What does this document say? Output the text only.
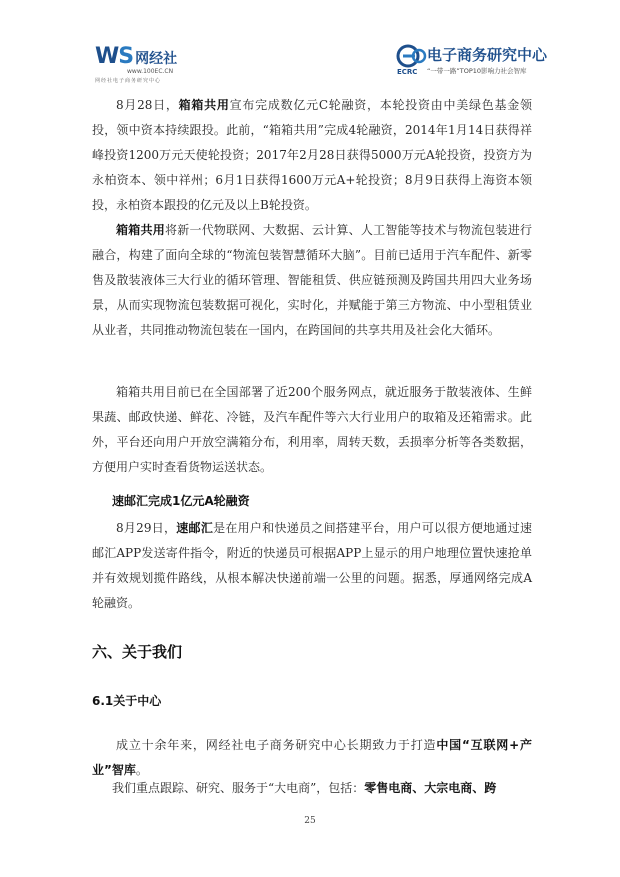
WS 网经社
www.100EC.CN
网经社电子商务研究中心
电子商务研究中心
ECRC “一带一路”TOP10影响力社会智库

8月28日，箱箱共用宣布完成数亿元C轮融资，本轮投资由中美绿色基金领投，领中资本持续跟投。此前，“箱箱共用”完成4轮融资，2014年1月14日获得祥峰投资1200万元天使轮投资；2017年2月28日获得5000万元A轮投资，投资方为永柏资本、领中祥州；6月1日获得1600万元A+轮投资；8月9日获得上海资本领投，永柏资本跟投的亿元及以上B轮投资。

箱箱共用将新一代物联网、大数据、云计算、人工智能等技术与物流包装进行融合，构建了面向全球的“物流包装智慧循环大脑”。目前已适用于汽车配件、新零售及散装液体三大行业的循环管理、智能租赁、供应链预测及跨国共用四大业务场景，从而实现物流包装数据可视化，实时化，并赋能于第三方物流、中小型租赁业从业者，共同推动物流包装在一国内，在跨国间的共享共用及社会化大循环。

箱箱共用目前已在全国部署了近200个服务网点，就近服务于散装液体、生鲜果蔬、邮政快递、鲜花、冷链，及汽车配件等六大行业用户的取箱及还箱需求。此外，平台还向用户开放空满箱分布，利用率，周转天数，丢损率分析等各类数据，方便用户实时查看货物运送状态。

速邮汇完成1亿元A轮融资

8月29日，速邮汇是在用户和快递员之间搭建平台，用户可以很方便地通过速邮汇APP发送寄件指令，附近的快递员可根据APP上显示的用户地理位置快速抢单并有效规划揽件路线，从根本解决快递前端一公里的问题。据悉，厚通网络完成A轮融资。

六、关于我们

6.1关于中心

成立十余年来，网经社电子商务研究中心长期致力于打造中国“互联网+产业”智库。

我们重点跟踪、研究、服务于“大电商”，包括：零售电商、大宗电商、跨

25
